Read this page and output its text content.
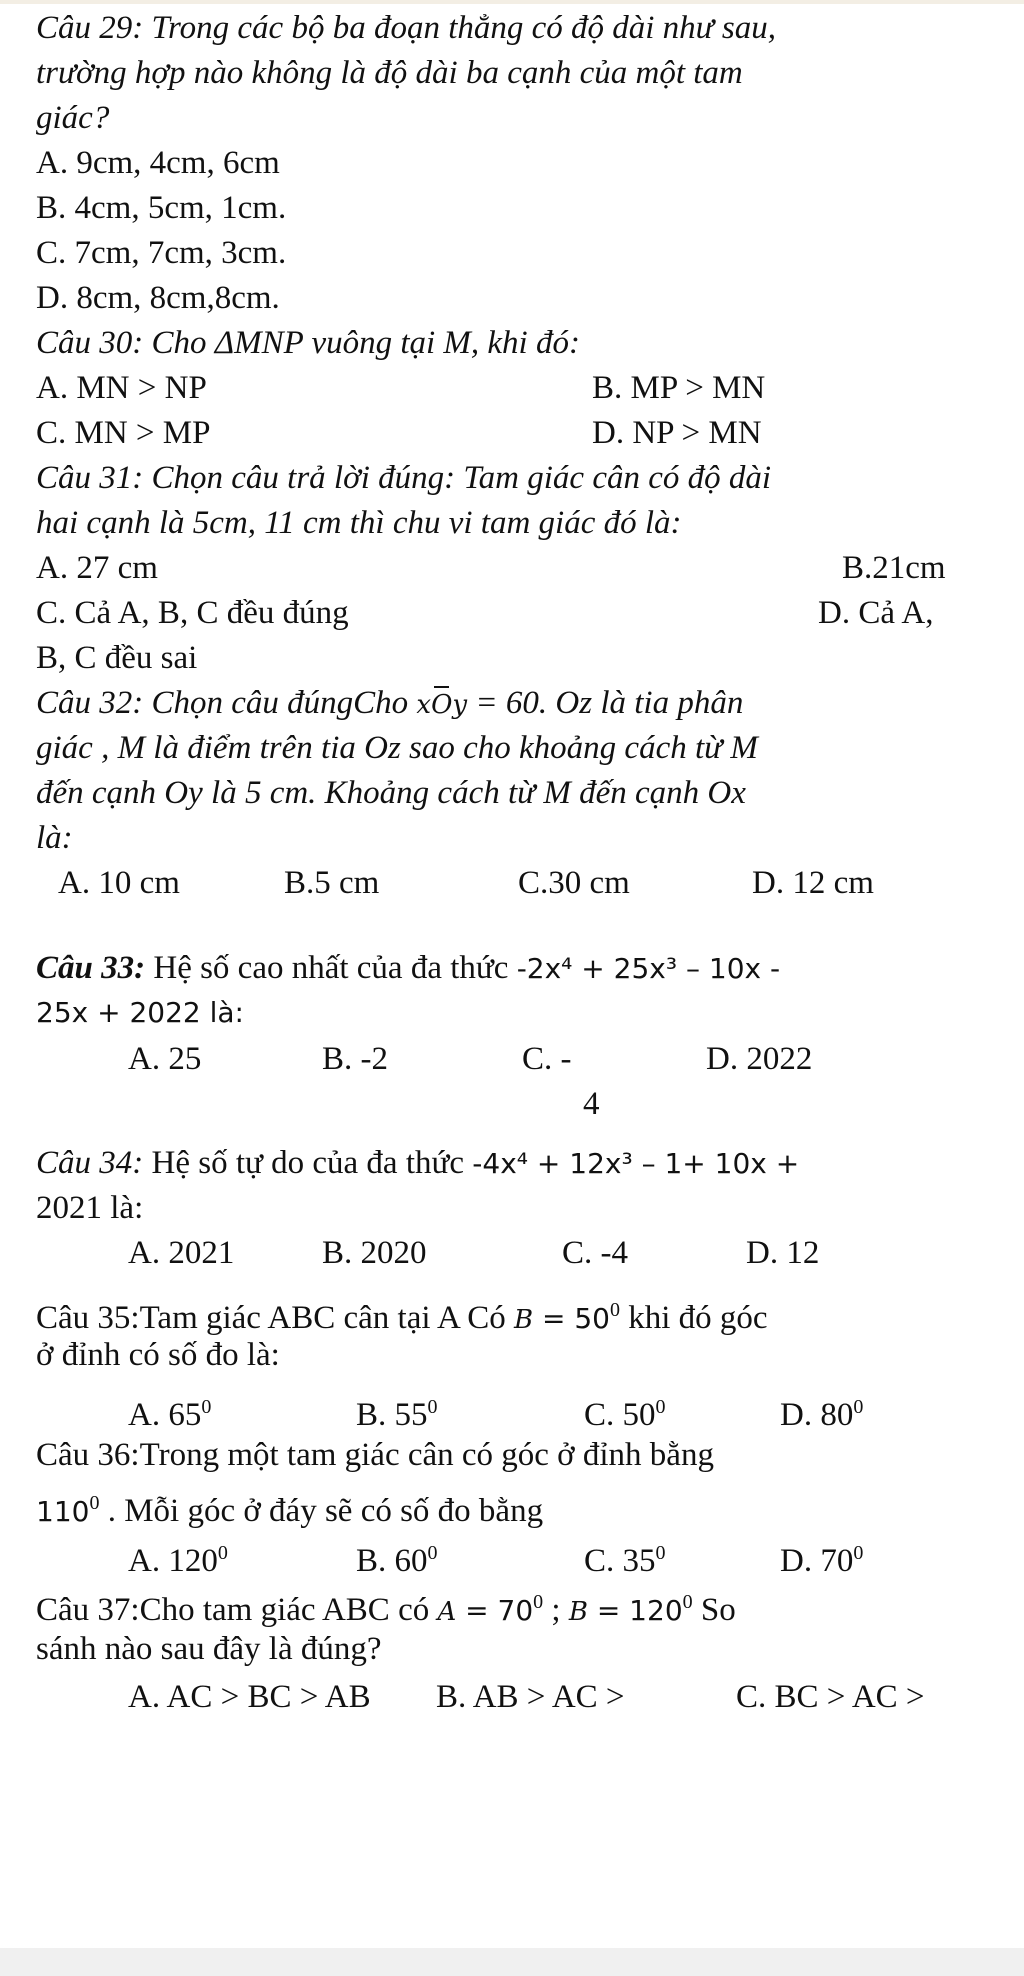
Câu 29: Trong các bộ ba đoạn thẳng có độ dài như sau,
trường hợp nào không là độ dài ba cạnh của một tam
giác?
A. 9cm, 4cm, 6cm
B. 4cm, 5cm, 1cm.
C. 7cm, 7cm, 3cm.
D. 8cm, 8cm,8cm.
Câu 30: Cho ΔMNP vuông tại M, khi đó:
A. MN > NP	B. MP > MN
C. MN > MP	D. NP > MN
Câu 31: Chọn câu trả lời đúng: Tam giác cân có độ dài
hai cạnh là 5cm, 11 cm thì chu vi tam giác đó là:
A. 27 cm	B.21cm
C. Cả A, B, C đều đúng	D. Cả A,
B, C đều sai
Câu 32: Chọn câu đúngCho xOy = 60. Oz là tia phân
giác , M là điểm trên tia Oz sao cho khoảng cách từ M
đến cạnh Oy là 5 cm. Khoảng cách từ M đến cạnh Ox
là:
A. 10 cm	B.5 cm	C.30 cm	D. 12 cm
Câu 33: Hệ số cao nhất của đa thức -2x⁴ + 25x³ – 10x -
25x + 2022 là:
A. 25	B. -2	C. -
4
D. 2022
Câu 34: Hệ số tự do của đa thức -4x⁴ + 12x³ – 1+ 10x +
2021 là:
A. 2021	B. 2020	C. -4	D. 12
Câu 35:Tam giác ABC cân tại A Có $B = 50^0$ khi đó góc
ở đỉnh có số đo là:
A. $65^0$	B. $55^0$	C. $50^0$	D. $80^0$
Câu 36:Trong một tam giác cân có góc ở đỉnh bằng
$110^0$ . Mỗi góc ở đáy sẽ có số đo bằng
A. $120^0$	B. $60^0$	C. $35^0$	D. $70^0$
Câu 37:Cho tam giác ABC có $A = 70^0$ ; $B = 120^0$ So
sánh nào sau đây là đúng?
A. AC > BC > AB B. AB > AC >	C. BC > AC >
